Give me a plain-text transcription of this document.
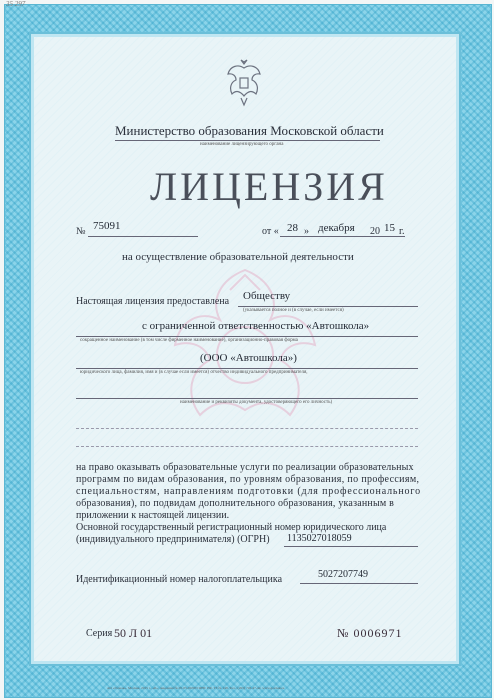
35 297
Министерство образования Московской области
наименование лицензирующего органа
ЛИЦЕНЗИЯ
№ 75091	от « 28 » декабря 20 15 г.
на осуществление образовательной деятельности
Настоящая лицензия предоставлена Обществу
(указывается полное и (в случае, если имеется)
с ограниченной ответственностью «Автошкола»
сокращенное наименование (в том числе фирменное наименование), организационно-правовая форма
(ООО «Автошкола»)
юридического лица, фамилия, имя и (в случае если имеется) отчество индивидуального предпринимателя,
наименование и реквизиты документа, удостоверяющего его личность)
на право оказывать образовательные услуги по реализации образовательных
программ по видам образования, по уровням образования, по профессиям,
специальностям, направлениям подготовки (для профессионального
образования), по подвидам дополнительного образования, указанным в
приложении к настоящей лицензии.
Основной государственный регистрационный номер юридического лица
(индивидуального предпринимателя) (ОГРН) 1135027018059
Идентификационный номер налогоплательщика	5027207749
Серия 50 Л 01	№ 0006971
АО «Гознак», Москва, 2015 г., «Б», лицензия № 05-05-09/003 ФНС РФ, ТЗ № 148. Тел.: (495) 726-47-42, www.goznak.ru
